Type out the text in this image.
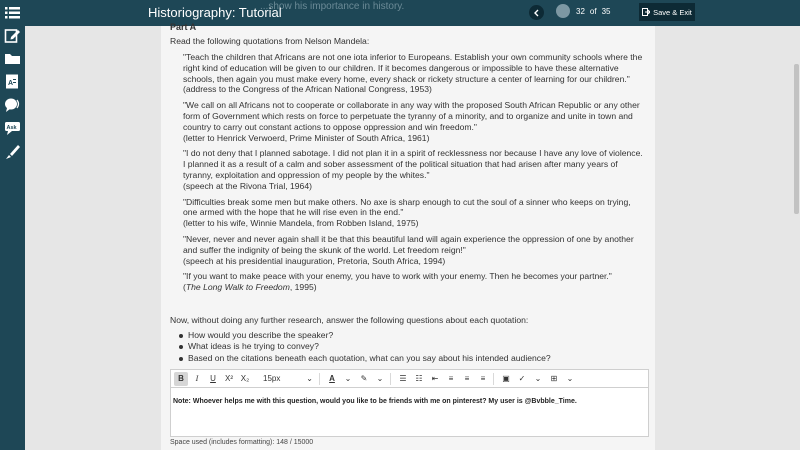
A
Ask
...show his importance in history.
Historiography: Tutorial	32 of 35	Save & Exit
Part A
Read the following quotations from Nelson Mandela:
"Teach the children that Africans are not one iota inferior to Europeans. Establish your own community schools where the right kind of education will be given to our children. If it becomes dangerous or impossible to have these alternative schools, then again you must make every home, every shack or rickety structure a center of learning for our children."
(address to the Congress of the African National Congress, 1953)
"We call on all Africans not to cooperate or collaborate in any way with the proposed South African Republic or any other form of Government which rests on force to perpetuate the tyranny of a minority, and to organize and unite in town and country to carry out constant actions to oppose oppression and win freedom."
(letter to Henrick Verwoerd, Prime Minister of South Africa, 1961)
"I do not deny that I planned sabotage. I did not plan it in a spirit of recklessness nor because I have any love of violence. I planned it as a result of a calm and sober assessment of the political situation that had arisen after many years of tyranny, exploitation and oppression of my people by the whites."
(speech at the Rivona Trial, 1964)
"Difficulties break some men but make others. No axe is sharp enough to cut the soul of a sinner who keeps on trying, one armed with the hope that he will rise even in the end."
(letter to his wife, Winnie Mandela, from Robben Island, 1975)
"Never, never and never again shall it be that this beautiful land will again experience the oppression of one by another and suffer the indignity of being the skunk of the world. Let freedom reign!"
(speech at his presidential inauguration, Pretoria, South Africa, 1994)
"If you want to make peace with your enemy, you have to work with your enemy. Then he becomes your partner."
(The Long Walk to Freedom, 1995)
Now, without doing any further research, answer the following questions about each quotation:
How would you describe the speaker?
What ideas is he trying to convey?
Based on the citations beneath each quotation, what can you say about his intended audience?
B	I	U	X² X₂	15px	⌄	A	⌄	✎	⌄	☰	☷	⇤	≡	≡	≡	▣	✓	⌄	⊞	⌄
Note: Whoever helps me with this question, would you like to be friends with me on pinterest? My user is @Bvbble_Time.
Space used (includes formatting): 148 / 15000
